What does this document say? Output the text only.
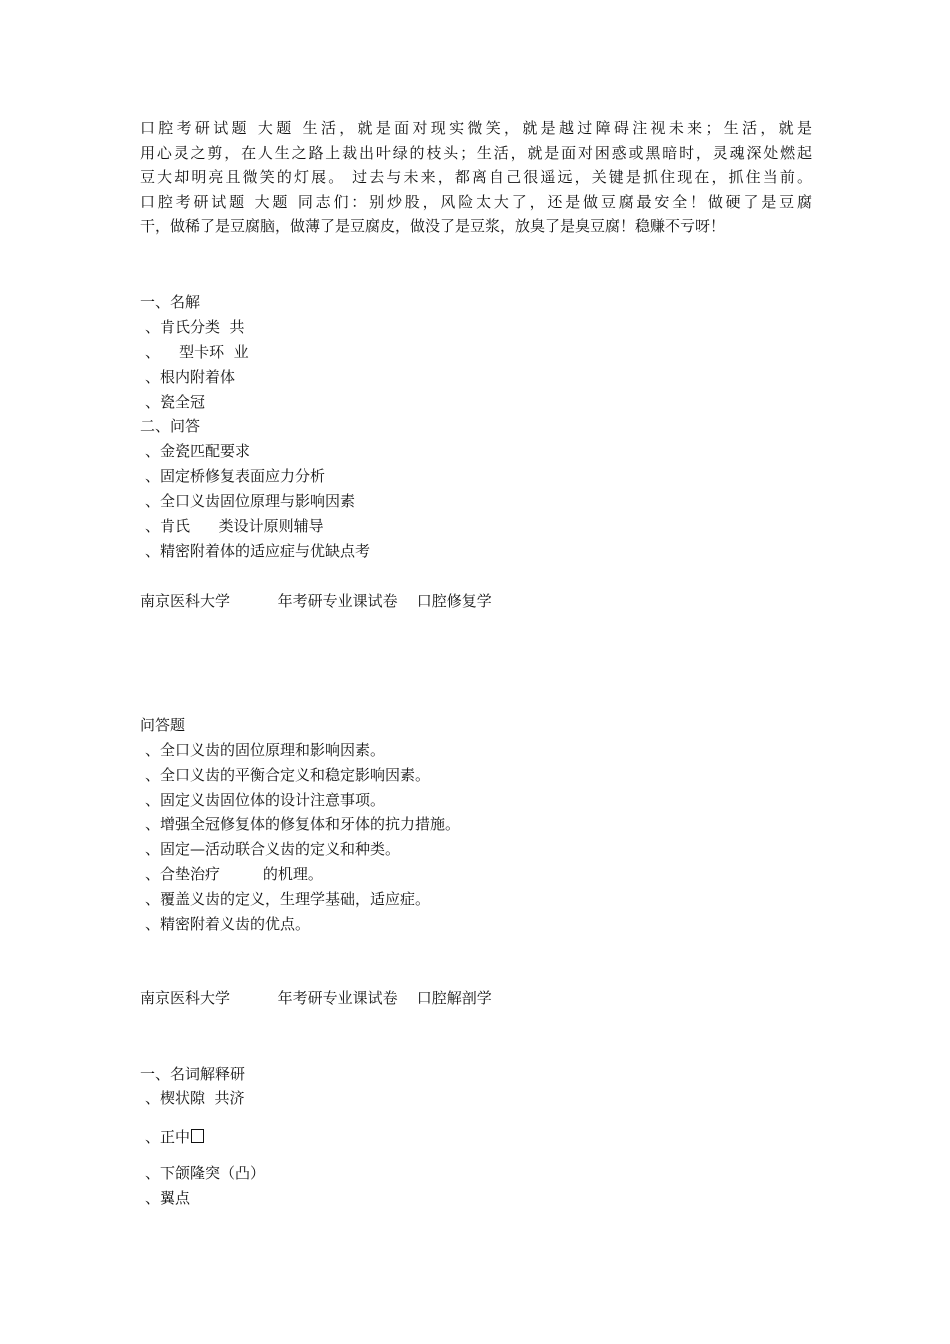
口腔考研试题 大题 生活，就是面对现实微笑，就是越过障碍注视未来；生活，就是
用心灵之剪，在人生之路上裁出叶绿的枝头；生活，就是面对困惑或黑暗时，灵魂深处燃起
豆大却明亮且微笑的灯展。 过去与未来，都离自己很遥远，关键是抓住现在，抓住当前。
口腔考研试题 大题 同志们：别炒股，风险太大了，还是做豆腐最安全！做硬了是豆腐
干，做稀了是豆腐脑，做薄了是豆腐皮，做没了是豆浆，放臭了是臭豆腐！稳赚不亏呀！
一、名解
、肯氏分类  共
、    型卡环  业
、根内附着体
、瓷全冠
二、问答
、金瓷匹配要求
、固定桥修复表面应力分析
、全口义齿固位原理与影响因素
、肯氏      类设计原则辅导
、精密附着体的适应症与优缺点考
南京医科大学          年考研专业课试卷    口腔修复学
问答题
、全口义齿的固位原理和影响因素。
、全口义齿的平衡合定义和稳定影响因素。
、固定义齿固位体的设计注意事项。
、增强全冠修复体的修复体和牙体的抗力措施。
、固定—活动联合义齿的定义和种类。
、合垫治疗         的机理。
、覆盖义齿的定义，生理学基础，适应症。
、精密附着义齿的优点。
南京医科大学          年考研专业课试卷    口腔解剖学
一、名词解释研
、楔状隙  共济
、正中
、下颌隆突（凸）
、翼点
